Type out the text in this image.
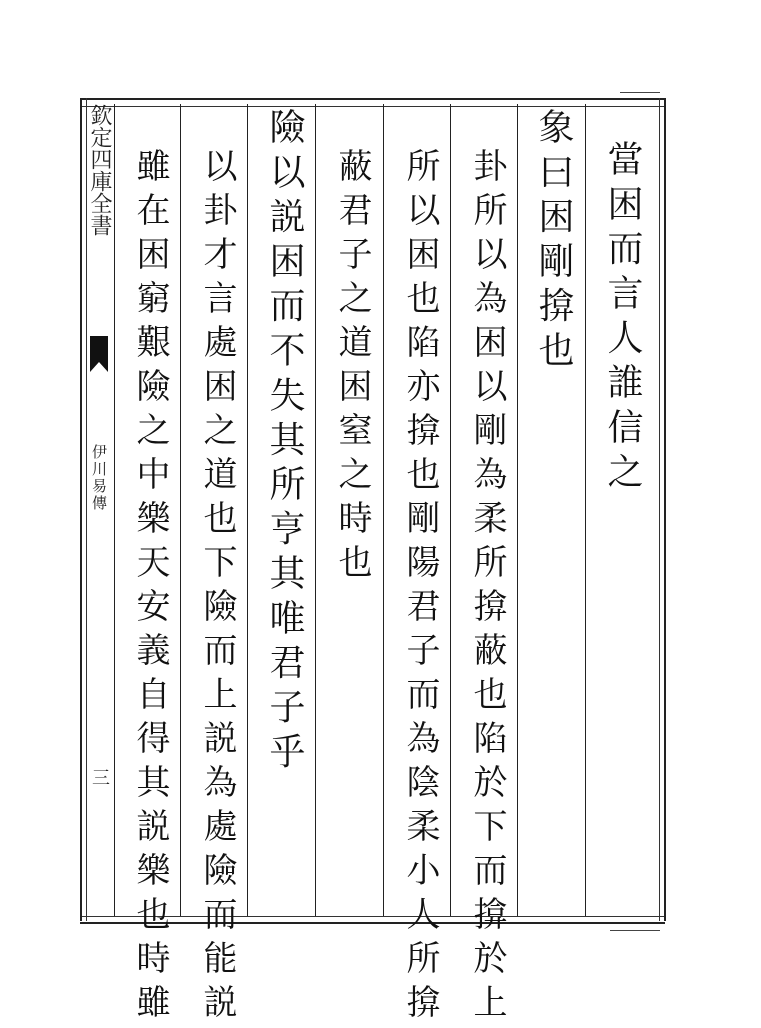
欽定四庫全書
伊川易傳
三
當困而言人誰信之
象曰困剛揜也
卦所以為困以剛為柔所揜蔽也陷於下而揜於上
所以困也陷亦揜也剛陽君子而為陰柔小人所揜
蔽君子之道困窒之時也
險以説困而不失其所亨其唯君子乎
以卦才言處困之道也下險而上説為處險而能説
雖在困窮艱險之中樂天安義自得其説樂也時雖
